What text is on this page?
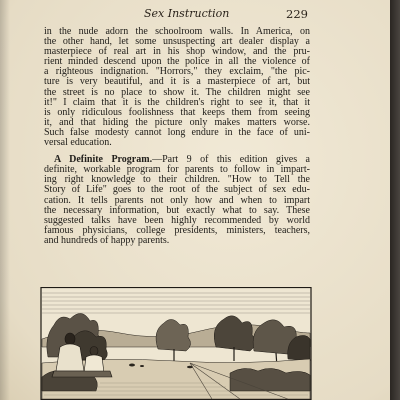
Sex Instruction	229
in the nude adorn the schoolroom walls. In America, on
the other hand, let some unsuspecting art dealer display a
masterpiece of real art in his shop window, and the pru-
rient minded descend upon the police in all the violence of
a righteous indignation. "Horrors," they exclaim, "the pic-
ture is very beautiful, and it is a masterpiece of art, but
the street is no place to show it. The children might see
it!" I claim that it is the children's right to see it, that it
is only ridiculous foolishness that keeps them from seeing
it, and that hiding the picture only makes matters worse.
Such false modesty cannot long endure in the face of uni-
versal education.
A Definite Program.—Part 9 of this edition gives a
definite, workable program for parents to follow in impart-
ing right knowledge to their children. "How to Tell the
Story of Life" goes to the root of the subject of sex edu-
cation. It tells parents not only how and when to impart
the necessary information, but exactly what to say. These
suggested talks have been highly recommended by world
famous physicians, college presidents, ministers, teachers,
and hundreds of happy parents.
